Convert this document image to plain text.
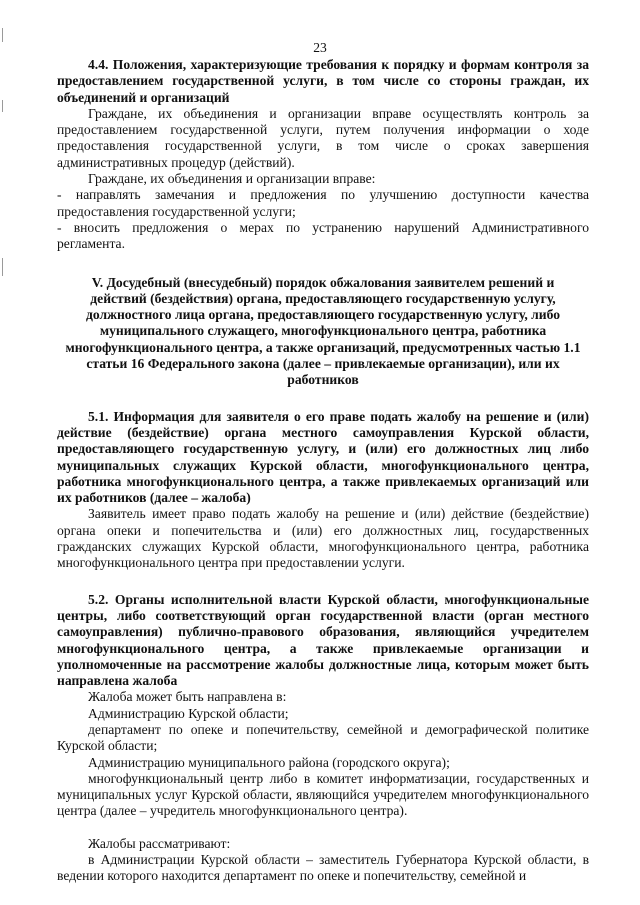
23

4.4. Положения, характеризующие требования к порядку и формам контроля за предоставлением государственной услуги, в том числе со стороны граждан, их объединений и организаций

Граждане, их объединения и организации вправе осуществлять контроль за предоставлением государственной услуги, путем получения информации о ходе предоставления государственной услуги, в том числе о сроках завершения административных процедур (действий).

Граждане, их объединения и организации вправе:

- направлять замечания и предложения по улучшению доступности качества предоставления государственной услуги;

- вносить предложения о мерах по устранению нарушений Административного регламента.

V. Досудебный (внесудебный) порядок обжалования заявителем решений и действий (бездействия) органа, предоставляющего государственную услугу, должностного лица органа, предоставляющего государственную услугу, либо муниципального служащего, многофункционального центра, работника многофункционального центра, а также организаций, предусмотренных частью 1.1 статьи 16 Федерального закона (далее – привлекаемые организации), или их работников

5.1. Информация для заявителя о его праве подать жалобу на решение и (или) действие (бездействие) органа местного самоуправления Курской области, предоставляющего государственную услугу, и (или) его должностных лиц либо муниципальных служащих Курской области, многофункционального центра, работника многофункционального центра, а также привлекаемых организаций или их работников (далее – жалоба)

Заявитель имеет право подать жалобу на решение и (или) действие (бездействие) органа опеки и попечительства и (или) его должностных лиц, государственных гражданских служащих Курской области, многофункционального центра, работника многофункционального центра при предоставлении услуги.

5.2. Органы исполнительной власти Курской области, многофункциональные центры, либо соответствующий орган государственной власти (орган местного самоуправления) публично-правового образования, являющийся учредителем многофункционального центра, а также привлекаемые организации и уполномоченные на рассмотрение жалобы должностные лица, которым может быть направлена жалоба

Жалоба может быть направлена в:

Администрацию Курской области;

департамент по опеке и попечительству, семейной и демографической политике Курской области;

Администрацию муниципального района (городского округа);

многофункциональный центр либо в комитет информатизации, государственных и муниципальных услуг Курской области, являющийся учредителем многофункционального центра (далее – учредитель многофункционального центра).

Жалобы рассматривают:

в Администрации Курской области – заместитель Губернатора Курской области, в ведении которого находится департамент по опеке и попечительству, семейной и
